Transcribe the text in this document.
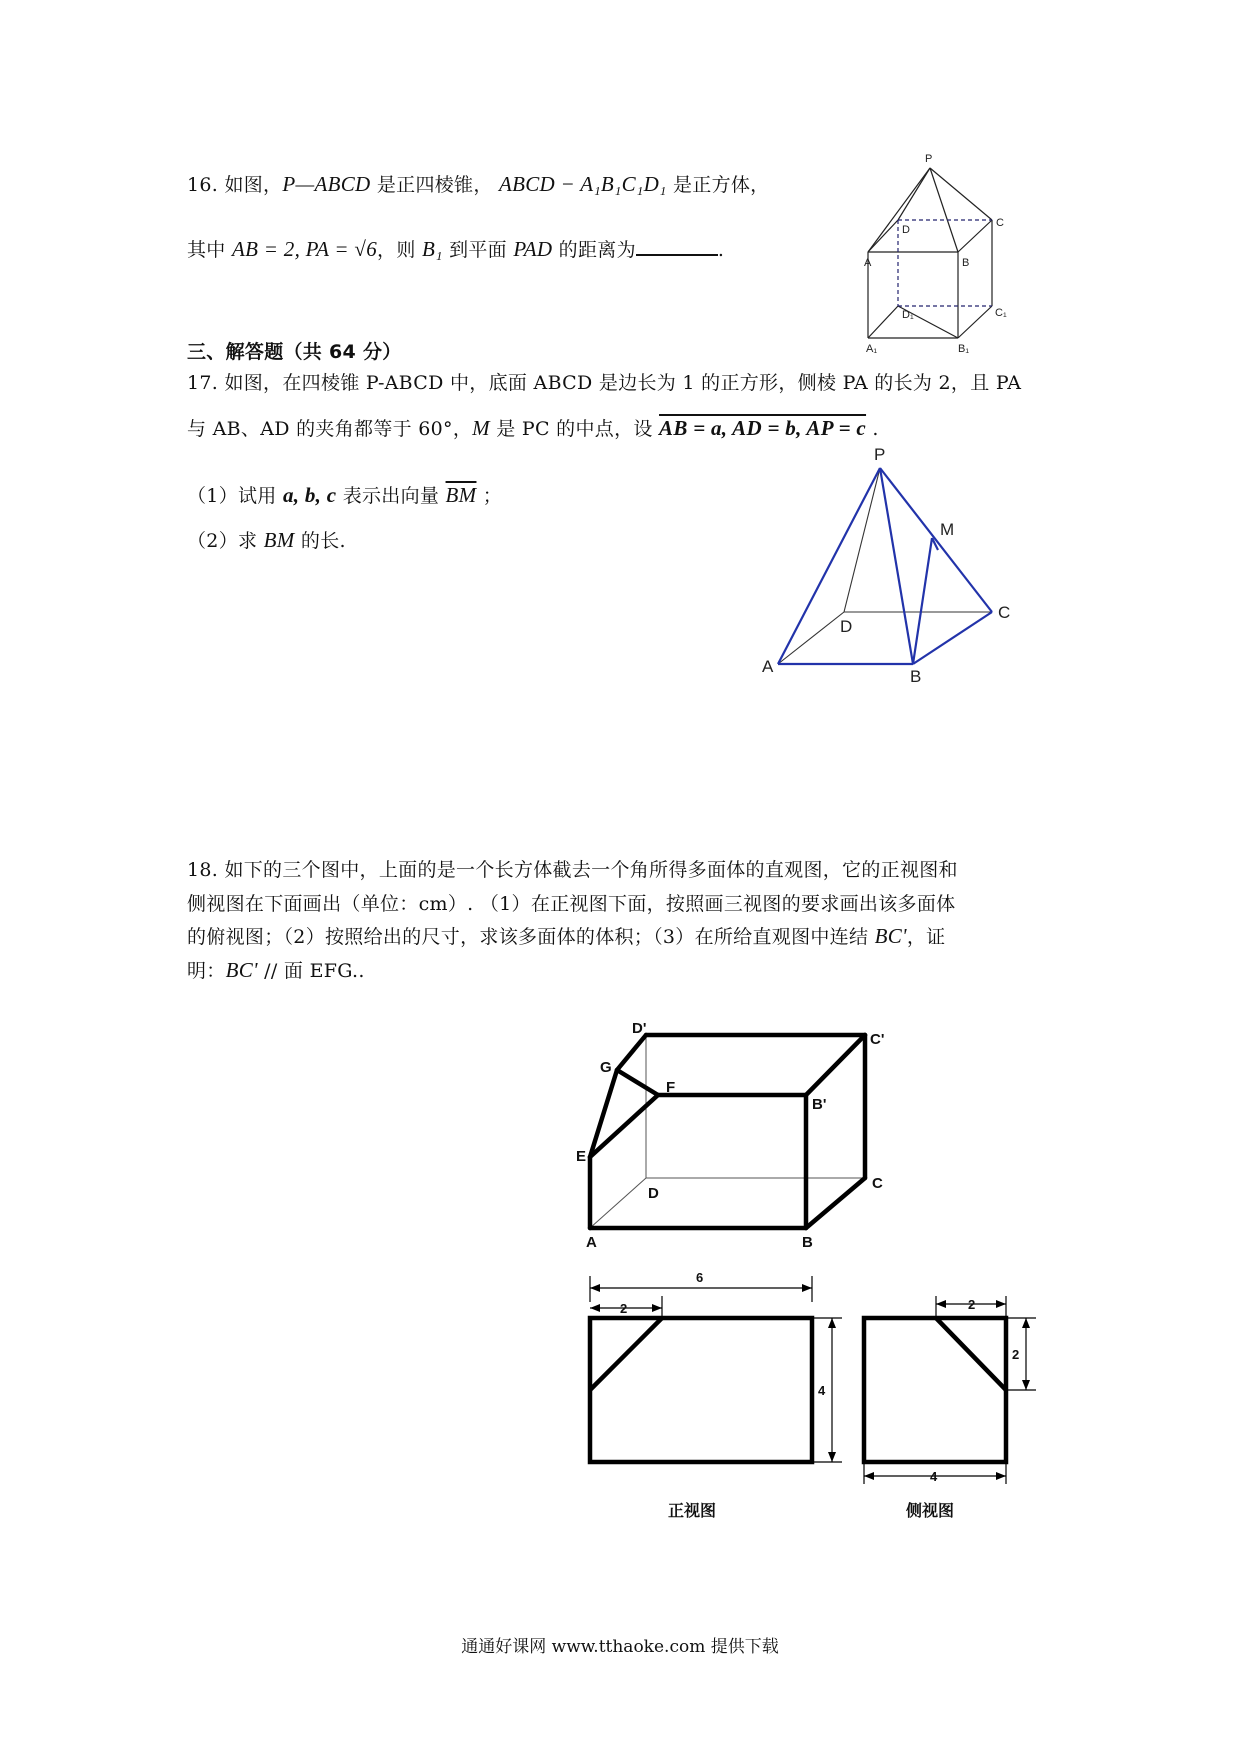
16. 如图，P—ABCD 是正四棱锥， ABCD − A₁B₁C₁D₁ 是正方体，
其中 AB = 2, PA = √6，则 B₁ 到平面 PAD 的距离为	.
P
D
C
A	B
D₁	C₁
A₁	B₁
三、解答题（共 64 分）
17. 如图，在四棱锥 P-ABCD 中，底面 ABCD 是边长为 1 的正方形，侧棱 PA 的长为 2，且 PA
与 AB、AD 的夹角都等于 60°，M 是 PC 的中点，设 AB = a, AD = b, AP = c .
（1）试用 a, b, c 表示出向量 $\overline{BM}$ ；
（2）求 BM 的长.
P
M
D
C
A
B
18. 如下的三个图中，上面的是一个长方体截去一个角所得多面体的直观图，它的正视图和
侧视图在下面画出（单位：cm）. （1）在正视图下面，按照画三视图的要求画出该多面体
的俯视图；（2）按照给出的尺寸，求该多面体的体积；（3）在所给直观图中连结 BC'，证
明：BC' // 面 EFG..
D'
C'
G
F
B'
E
D
C
A	B
6
2
4
正视图
2
2
4
侧视图
通通好课网 www.tthaoke.com 提供下载
